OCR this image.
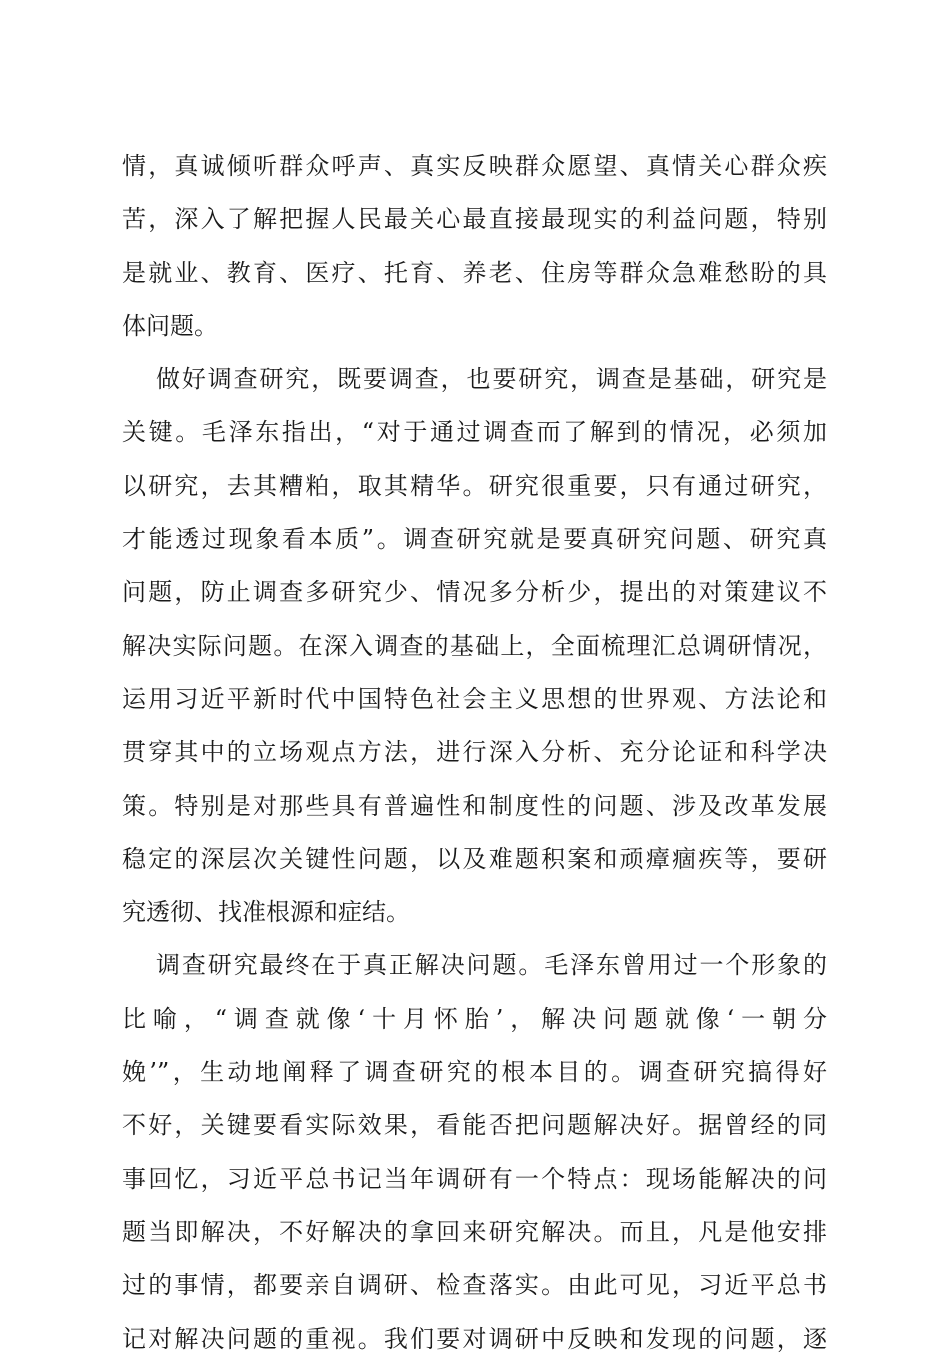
情，真诚倾听群众呼声、真实反映群众愿望、真情关心群众疾
苦，深入了解把握人民最关心最直接最现实的利益问题，特别
是就业、教育、医疗、托育、养老、住房等群众急难愁盼的具
体问题。
做好调查研究，既要调查，也要研究，调查是基础，研究是
关键。毛泽东指出，“对于通过调查而了解到的情况，必须加
以研究，去其糟粕，取其精华。研究很重要，只有通过研究，
才能透过现象看本质”。调查研究就是要真研究问题、研究真
问题，防止调查多研究少、情况多分析少，提出的对策建议不
解决实际问题。在深入调查的基础上，全面梳理汇总调研情况，
运用习近平新时代中国特色社会主义思想的世界观、方法论和
贯穿其中的立场观点方法，进行深入分析、充分论证和科学决
策。特别是对那些具有普遍性和制度性的问题、涉及改革发展
稳定的深层次关键性问题，以及难题积案和顽瘴痼疾等，要研
究透彻、找准根源和症结。
调查研究最终在于真正解决问题。毛泽东曾用过一个形象的
比喻，“调查就像‘十月怀胎’，解决问题就像‘一朝分
娩’”，生动地阐释了调查研究的根本目的。调查研究搞得好
不好，关键要看实际效果，看能否把问题解决好。据曾经的同
事回忆，习近平总书记当年调研有一个特点：现场能解决的问
题当即解决，不好解决的拿回来研究解决。而且，凡是他安排
过的事情，都要亲自调研、检查落实。由此可见，习近平总书
记对解决问题的重视。我们要对调研中反映和发现的问题，逐
